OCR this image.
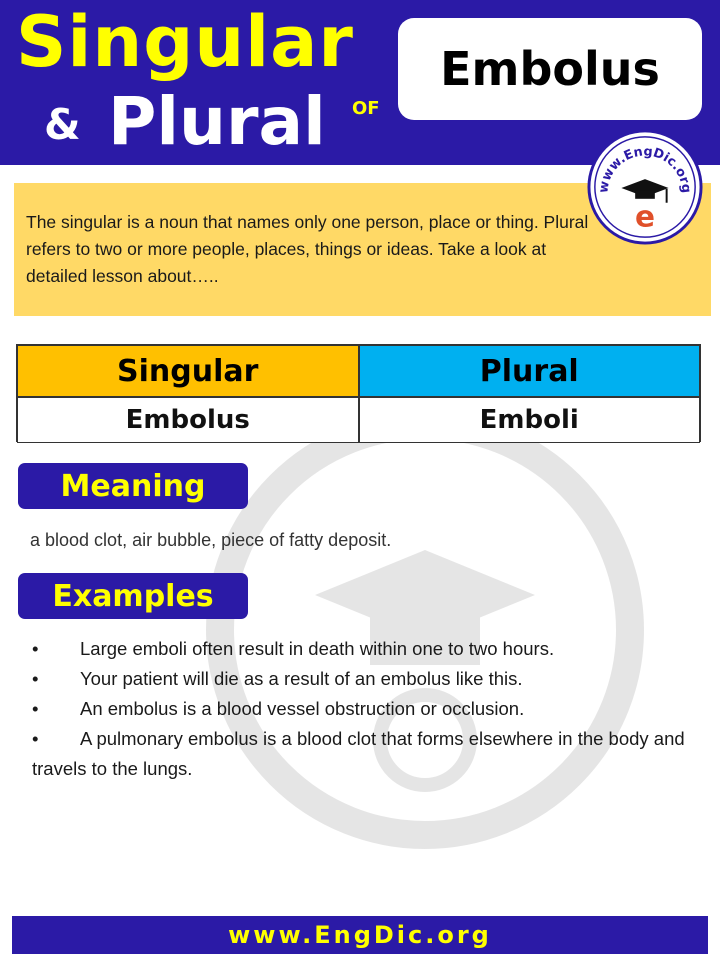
Singular
& Plural OF
Embolus
www.EngDic.org
e

The singular is a noun that names only one person, place or thing. Plural refers to two or more people, places, things or ideas. Take a look at detailed lesson about…..

Singular	Plural
Embolus	Emboli
Meaning
a blood clot, air bubble, piece of fatty deposit.
Examples
• Large emboli often result in death within one to two hours.
• Your patient will die as a result of an embolus like this.
• An embolus is a blood vessel obstruction or occlusion.
• A pulmonary embolus is a blood clot that forms elsewhere in the body and travels to the lungs.
www.EngDic.org
